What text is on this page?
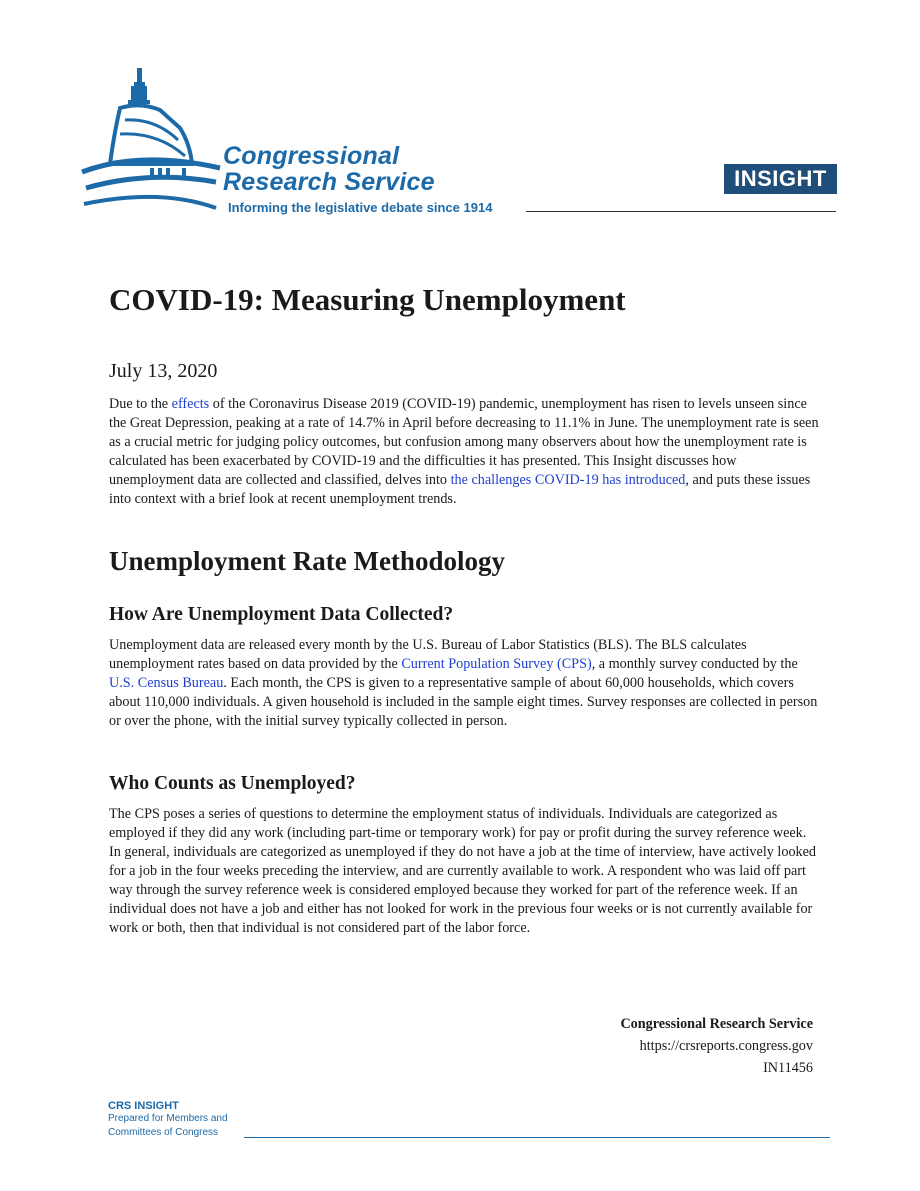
Congressional
Research Service
Informing the legislative debate since 1914
INSIGHT
COVID-19: Measuring Unemployment
July 13, 2020

Due to the effects of the Coronavirus Disease 2019 (COVID-19) pandemic, unemployment has risen to levels unseen since the Great Depression, peaking at a rate of 14.7% in April before decreasing to 11.1% in June. The unemployment rate is seen as a crucial metric for judging policy outcomes, but confusion among many observers about how the unemployment rate is calculated has been exacerbated by COVID-19 and the difficulties it has presented. This Insight discusses how unemployment data are collected and classified, delves into the challenges COVID-19 has introduced, and puts these issues into context with a brief look at recent unemployment trends.

Unemployment Rate Methodology
How Are Unemployment Data Collected?

Unemployment data are released every month by the U.S. Bureau of Labor Statistics (BLS). The BLS calculates unemployment rates based on data provided by the Current Population Survey (CPS), a monthly survey conducted by the U.S. Census Bureau. Each month, the CPS is given to a representative sample of about 60,000 households, which covers about 110,000 individuals. A given household is included in the sample eight times. Survey responses are collected in person or over the phone, with the initial survey typically collected in person.

Who Counts as Unemployed?

The CPS poses a series of questions to determine the employment status of individuals. Individuals are categorized as employed if they did any work (including part-time or temporary work) for pay or profit during the survey reference week. In general, individuals are categorized as unemployed if they do not have a job at the time of interview, have actively looked for a job in the four weeks preceding the interview, and are currently available to work. A respondent who was laid off part way through the survey reference week is considered employed because they worked for part of the reference week. If an individual does not have a job and either has not looked for work in the previous four weeks or is not currently available for work or both, then that individual is not considered part of the labor force.

Congressional Research Service
https://crsreports.congress.gov
IN11456
CRS INSIGHT
Prepared for Members and
Committees of Congress
